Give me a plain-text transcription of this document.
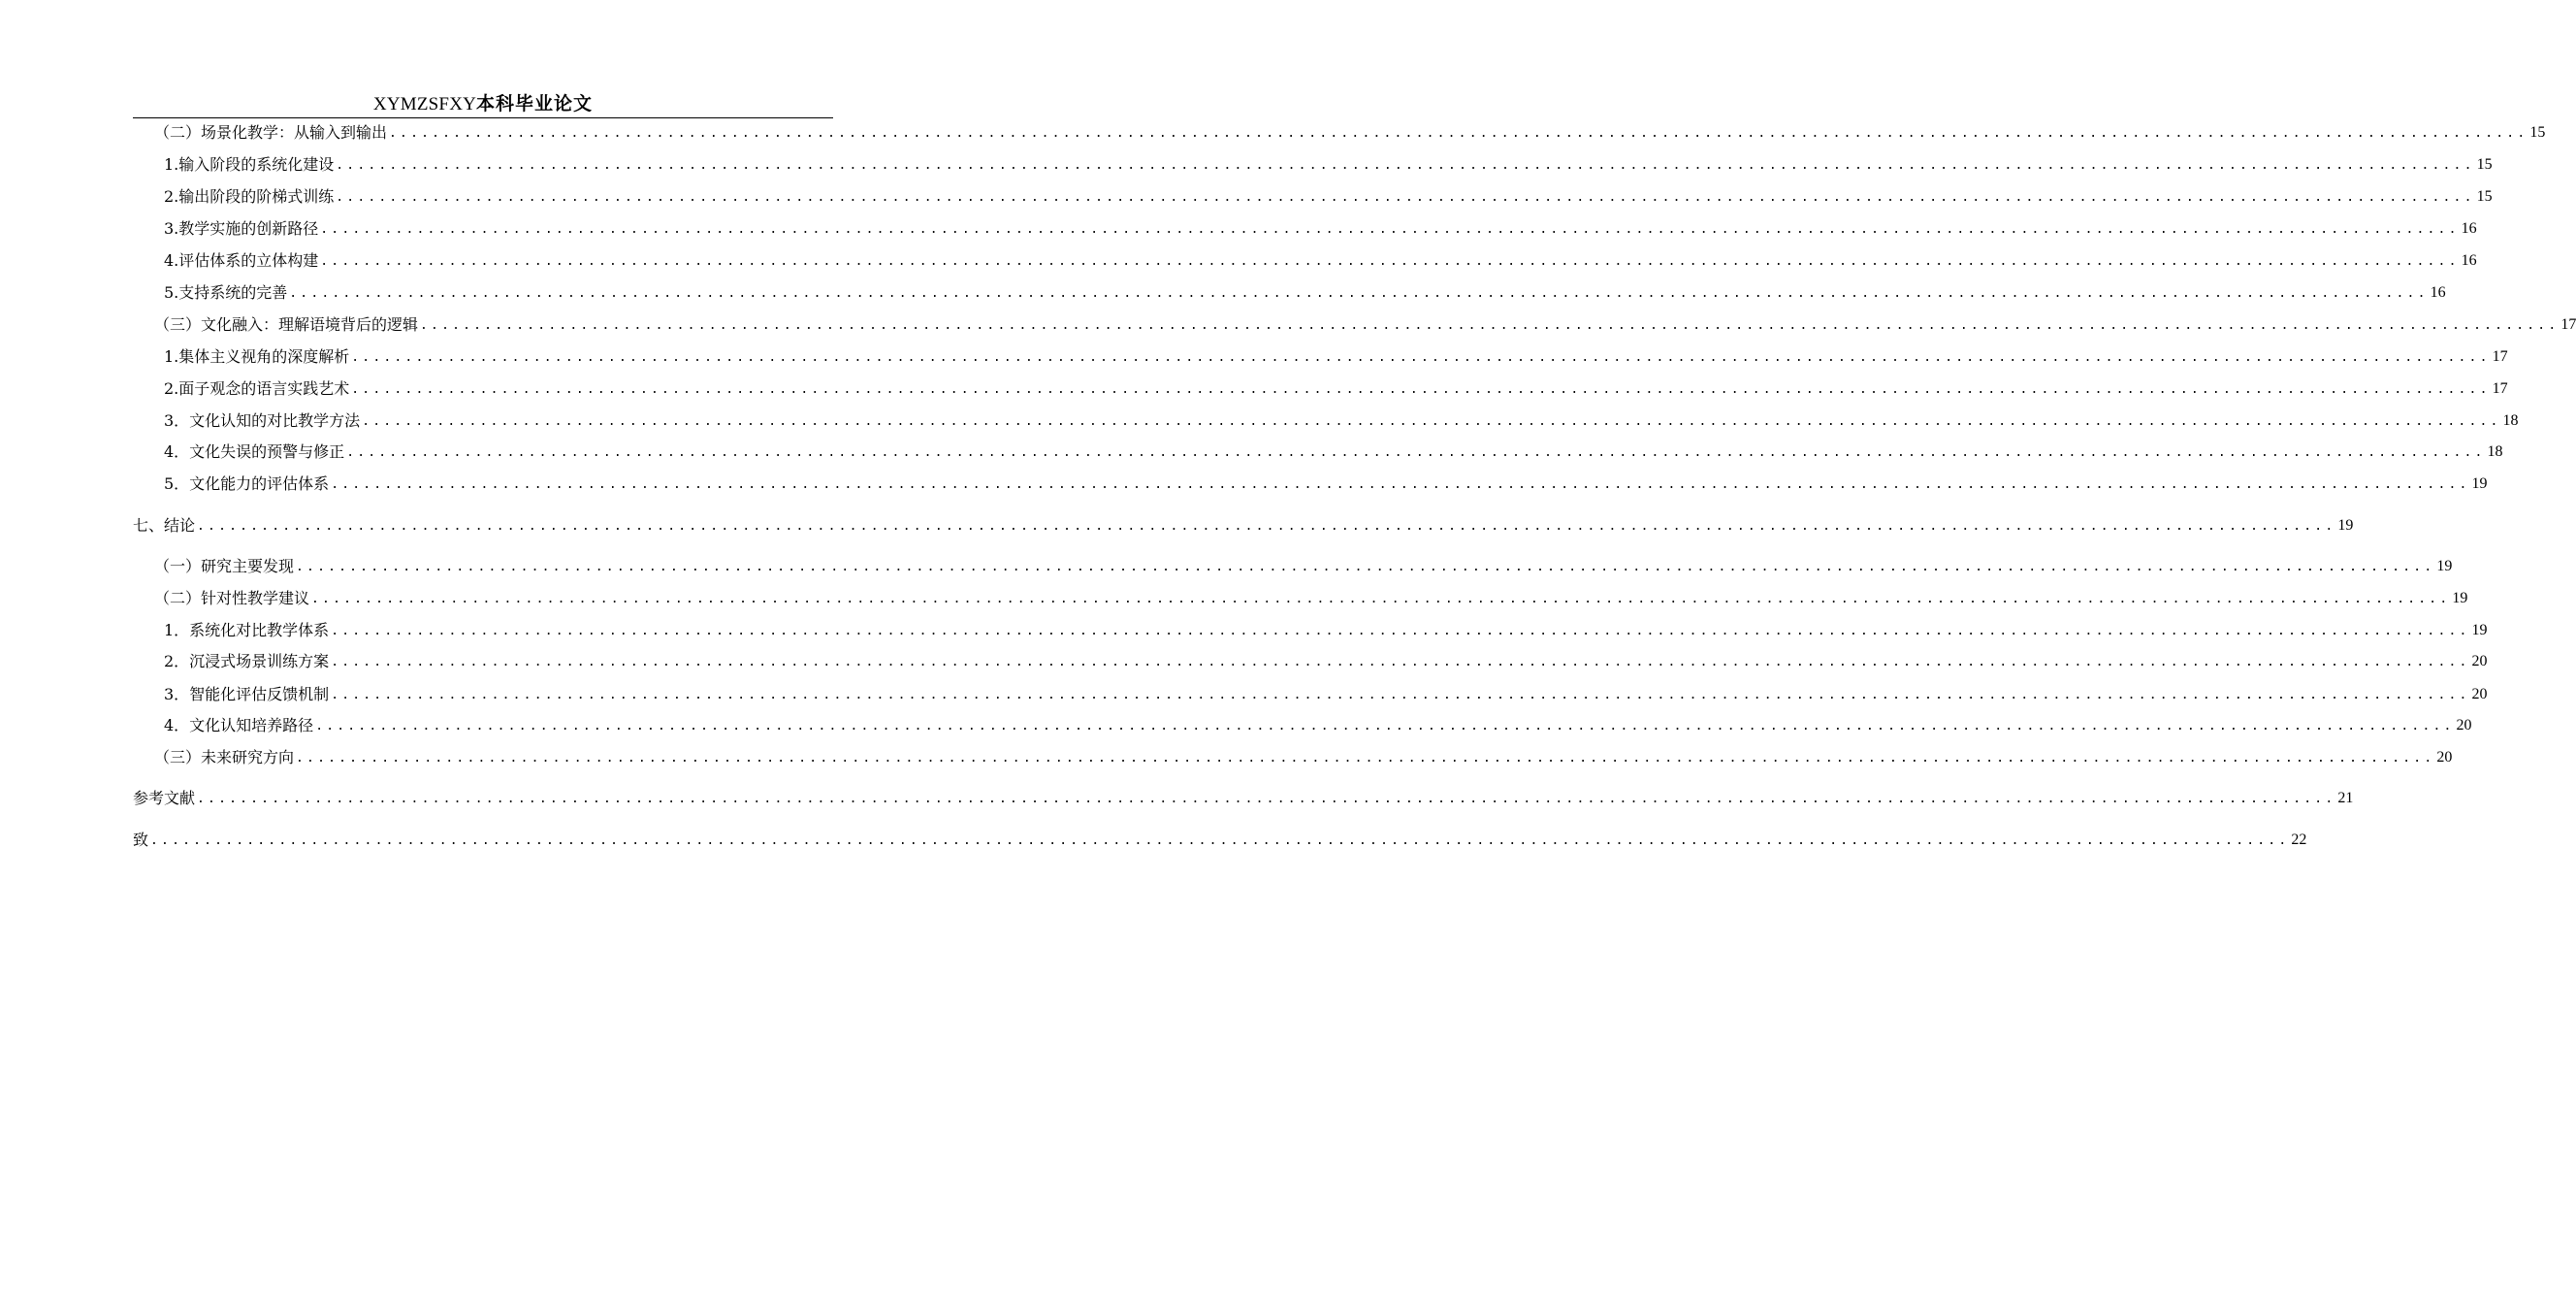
XYMZSFXY本科毕业论文
（二）场景化教学：从输入到输出 ........................................................................................................................................................................................................ 15
1.输入阶段的系统化建设 ........................................................................................................................................................................................................ 15
2.输出阶段的阶梯式训练 ........................................................................................................................................................................................................ 15
3.教学实施的创新路径 ........................................................................................................................................................................................................ 16
4.评估体系的立体构建 ........................................................................................................................................................................................................ 16
5.支持系统的完善 ........................................................................................................................................................................................................ 16
（三）文化融入：理解语境背后的逻辑 ........................................................................................................................................................................................................ 17
1.集体主义视角的深度解析 ........................................................................................................................................................................................................ 17
2.面子观念的语言实践艺术 ........................................................................................................................................................................................................ 17
3．文化认知的对比教学方法 ........................................................................................................................................................................................................ 18
4．文化失误的预警与修正 ........................................................................................................................................................................................................ 18
5．文化能力的评估体系 ........................................................................................................................................................................................................ 19
七、结论 ........................................................................................................................................................................................................ 19
（一）研究主要发现 ........................................................................................................................................................................................................ 19
（二）针对性教学建议 ........................................................................................................................................................................................................ 19
1．系统化对比教学体系 ........................................................................................................................................................................................................ 19
2．沉浸式场景训练方案 ........................................................................................................................................................................................................ 20
3．智能化评估反馈机制 ........................................................................................................................................................................................................ 20
4．文化认知培养路径 ........................................................................................................................................................................................................ 20
（三）未来研究方向 ........................................................................................................................................................................................................ 20
参考文献 ........................................................................................................................................................................................................ 21
致 ........................................................................................................................................................................................................ 22
